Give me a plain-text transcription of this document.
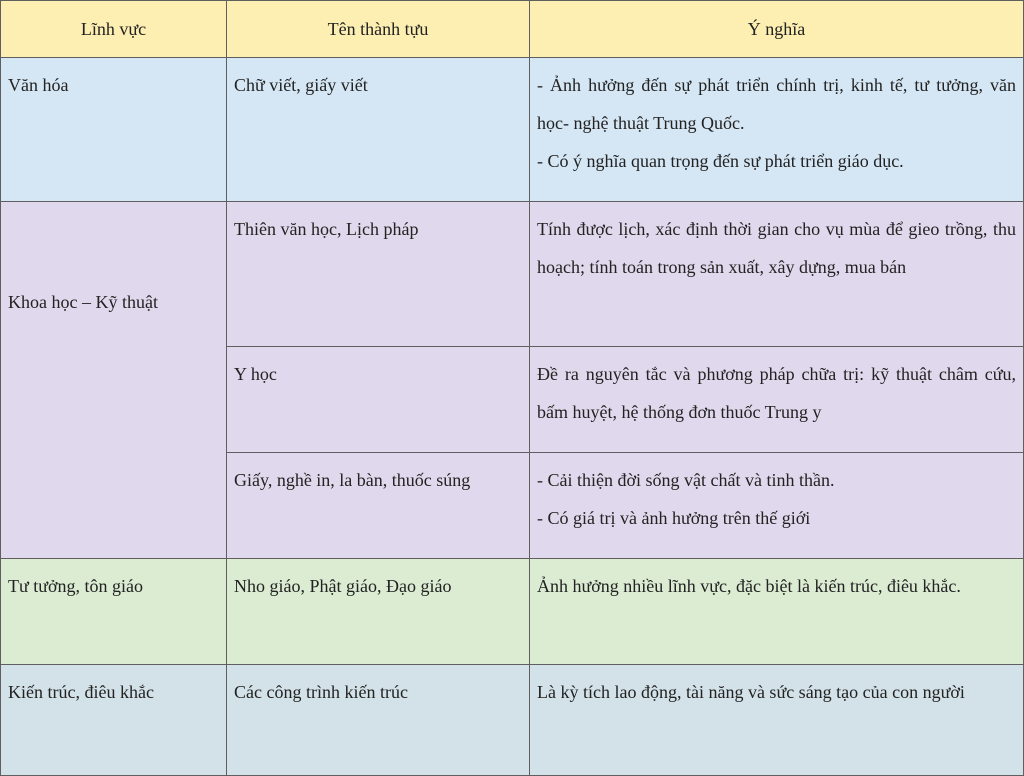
Lĩnh vực	Tên thành tựu	Ý nghĩa
Văn hóa	Chữ viết, giấy viết	- Ảnh hưởng đến sự phát triển chính trị, kinh tế, tư tưởng, văn học- nghệ thuật Trung Quốc.
- Có ý nghĩa quan trọng đến sự phát triển giáo dục.

Khoa học – Kỹ thuật	Thiên văn học, Lịch pháp	Tính được lịch, xác định thời gian cho vụ mùa để gieo trồng, thu hoạch; tính toán trong sản xuất, xây dựng, mua bán
	Y học	Đề ra nguyên tắc và phương pháp chữa trị: kỹ thuật châm cứu, bấm huyệt, hệ thống đơn thuốc Trung y
	Giấy, nghề in, la bàn, thuốc súng	- Cải thiện đời sống vật chất và tinh thần.
- Có giá trị và ảnh hưởng trên thế giới

Tư tưởng, tôn giáo	Nho giáo, Phật giáo, Đạo giáo	Ảnh hưởng nhiều lĩnh vực, đặc biệt là kiến trúc, điêu khắc.
Kiến trúc, điêu khắc	Các công trình kiến trúc	Là kỳ tích lao động, tài năng và sức sáng tạo của con người
